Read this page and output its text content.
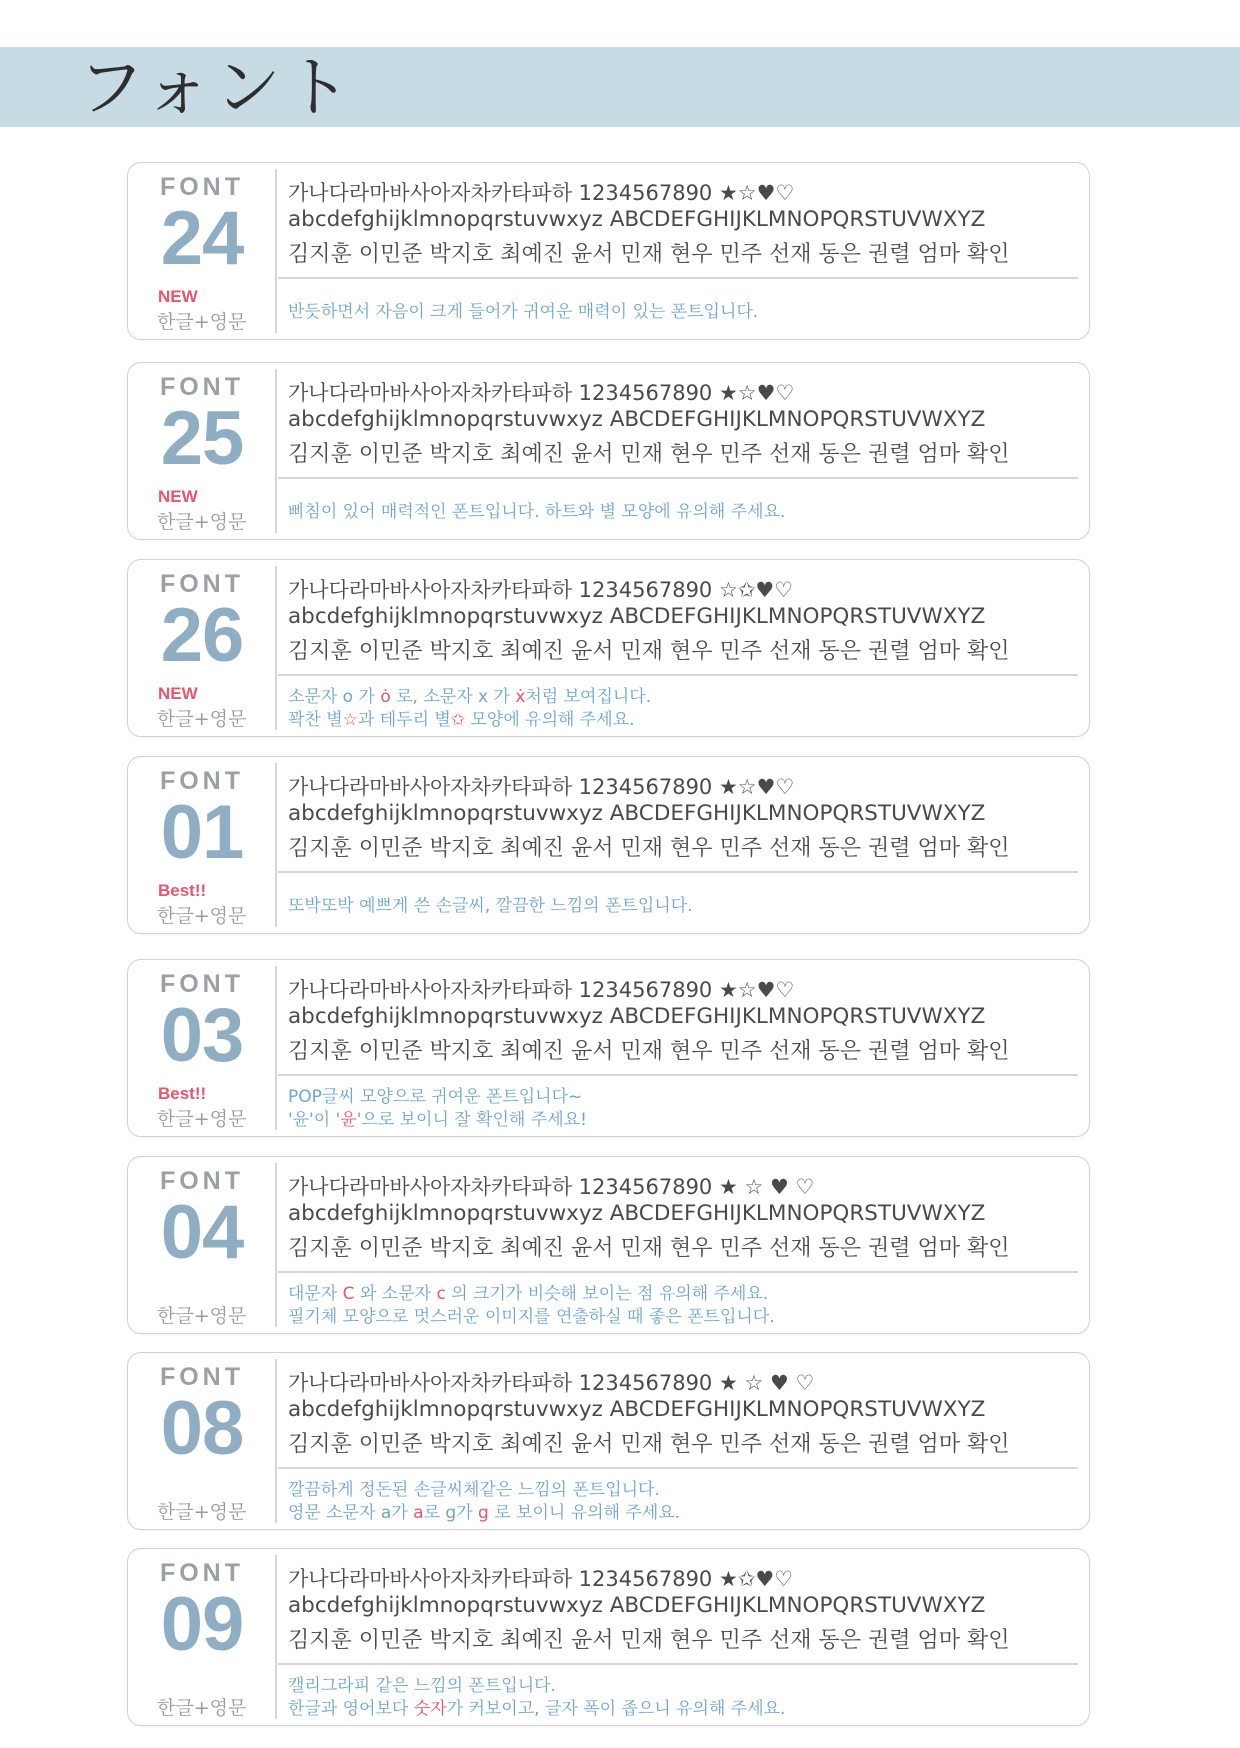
フォント
FONT
24
NEW
한글+영문
가나다라마바사아자차카타파하 1234567890 ★☆♥♡
abcdefghijklmnopqrstuvwxyz ABCDEFGHIJKLMNOPQRSTUVWXYZ
김지훈 이민준 박지호 최예진 윤서 민재 현우 민주 선재 동은 권렬 엄마 확인
반듯하면서 자음이 크게 들어가 귀여운 매력이 있는 폰트입니다.
FONT
25
NEW
한글+영문
가나다라마바사아자차카타파하 1234567890 ★☆♥♡
abcdefghijklmnopqrstuvwxyz ABCDEFGHIJKLMNOPQRSTUVWXYZ
김지훈 이민준 박지호 최예진 윤서 민재 현우 민주 선재 동은 권렬 엄마 확인
삐침이 있어 매력적인 폰트입니다. 하트와 별 모양에 유의해 주세요.
FONT
26
NEW
한글+영문
가나다라마바사아자차카타파하 1234567890 ☆✩♥♡
abcdefghijklmnopqrstuvwxyz ABCDEFGHIJKLMNOPQRSTUVWXYZ
김지훈 이민준 박지호 최예진 윤서 민재 현우 민주 선재 동은 권렬 엄마 확인
소문자 o 가 ȯ 로, 소문자 x 가 ẋ처럼 보여집니다.
꽉찬 별☆과 테두리 별✩ 모양에 유의해 주세요.
FONT
01
Best!!
한글+영문
가나다라마바사아자차카타파하 1234567890 ★☆♥♡
abcdefghijklmnopqrstuvwxyz ABCDEFGHIJKLMNOPQRSTUVWXYZ
김지훈 이민준 박지호 최예진 윤서 민재 현우 민주 선재 동은 권렬 엄마 확인
또박또박 예쁘게 쓴 손글씨, 깔끔한 느낌의 폰트입니다.
FONT
03
Best!!
한글+영문
가나다라마바사아자차카타파하 1234567890 ★☆♥♡
abcdefghijklmnopqrstuvwxyz ABCDEFGHIJKLMNOPQRSTUVWXYZ
김지훈 이민준 박지호 최예진 윤서 민재 현우 민주 선재 동은 권렬 엄마 확인
POP글씨 모양으로 귀여운 폰트입니다~
'윤'이 '윤'으로 보이니 잘 확인해 주세요!
FONT
04
한글+영문
가나다라마바사아자차카타파하 1234567890 ★ ☆ ♥ ♡
abcdefghijklmnopqrstuvwxyz ABCDEFGHIJKLMNOPQRSTUVWXYZ
김지훈 이민준 박지호 최예진 윤서 민재 현우 민주 선재 동은 권렬 엄마 확인
대문자 C 와 소문자 c 의 크기가 비슷해 보이는 점 유의해 주세요.
필기체 모양으로 멋스러운 이미지를 연출하실 때 좋은 폰트입니다.
FONT
08
한글+영문
가나다라마바사아자차카타파하 1234567890 ★ ☆ ♥ ♡
abcdefghijklmnopqrstuvwxyz ABCDEFGHIJKLMNOPQRSTUVWXYZ
김지훈 이민준 박지호 최예진 윤서 민재 현우 민주 선재 동은 권렬 엄마 확인
깔끔하게 정돈된 손글씨체같은 느낌의 폰트입니다.
영문 소문자 a가 a로 g가 g 로 보이니 유의해 주세요.
FONT
09
한글+영문
가나다라마바사아자차카타파하 1234567890 ★✩♥♡
abcdefghijklmnopqrstuvwxyz ABCDEFGHIJKLMNOPQRSTUVWXYZ
김지훈 이민준 박지호 최예진 윤서 민재 현우 민주 선재 동은 권렬 엄마 확인
캘리그라피 같은 느낌의 폰트입니다.
한글과 영어보다 숫자가 커보이고, 글자 폭이 좁으니 유의해 주세요.
